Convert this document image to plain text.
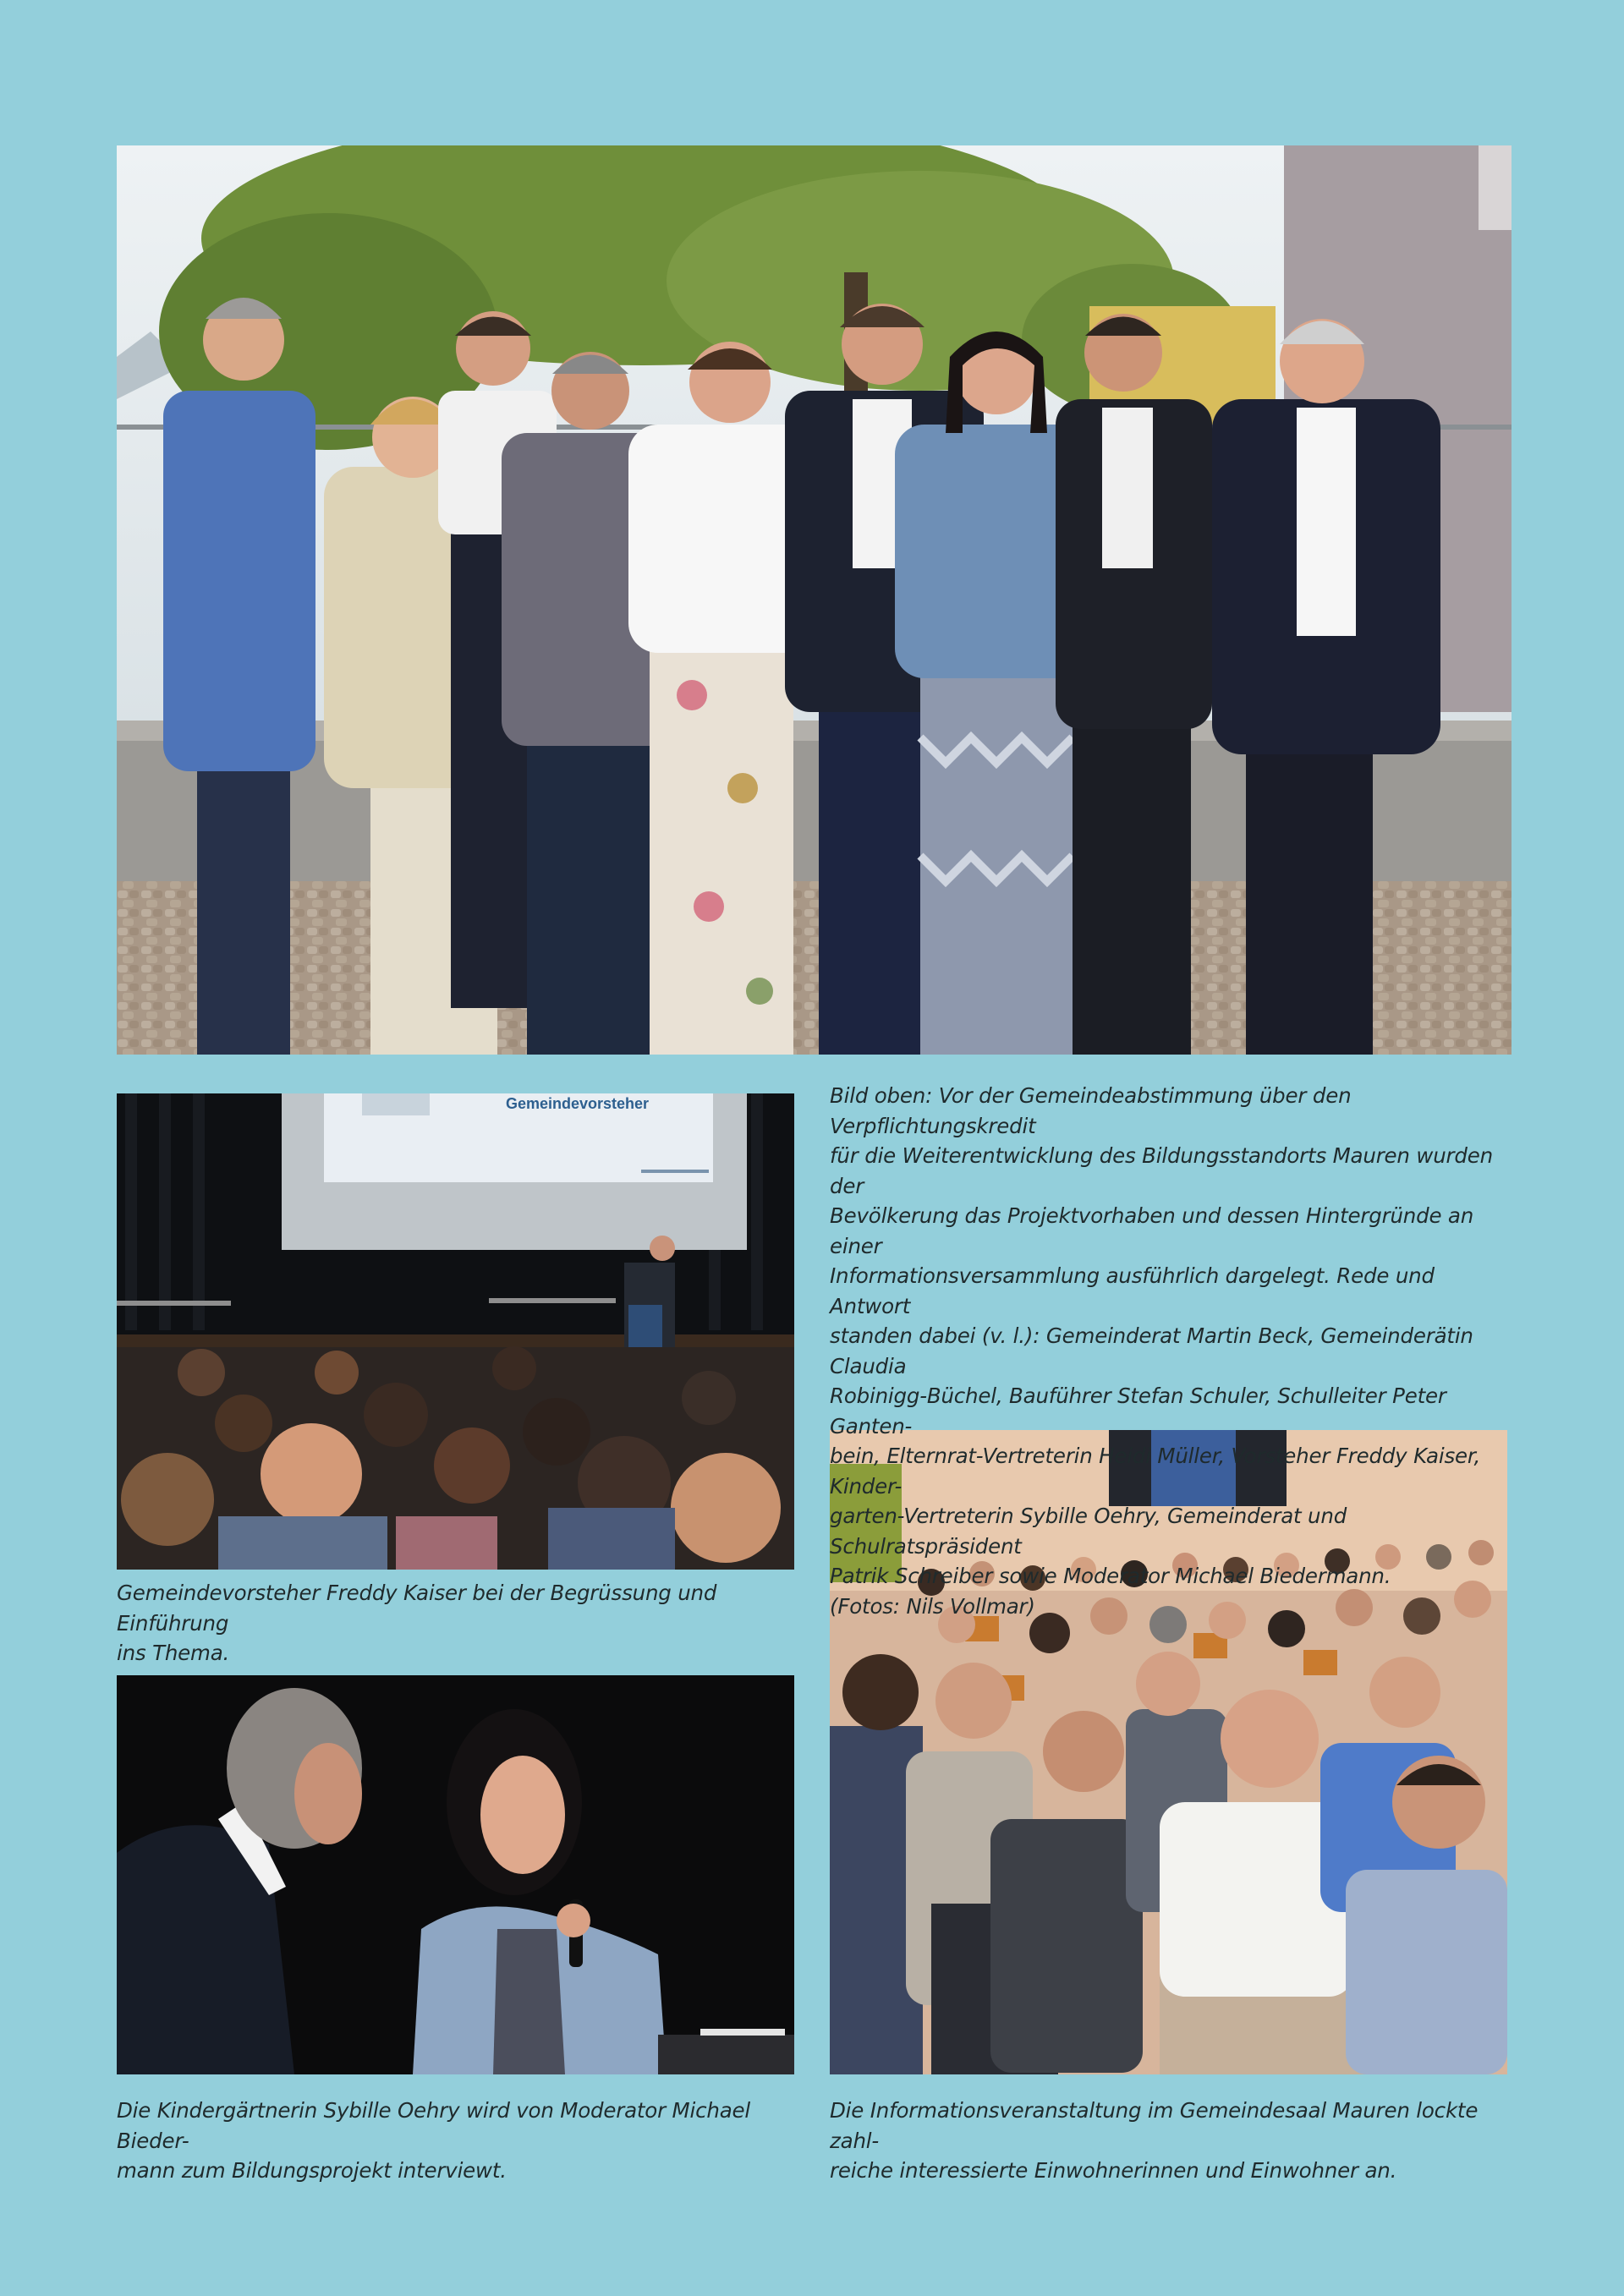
Gemeindevorsteher	Bild oben: Vor der Gemeindeabstimmung über den Verpflichtungskredit

für die Weiterentwicklung des Bildungsstandorts Mauren wurden der

Bevölkerung das Projektvorhaben und dessen Hintergründe an einer

Informationsversammlung ausführlich dargelegt. Rede und Antwort

standen dabei (v. l.): Gemeinderat Martin Beck, Gemeinderätin Claudia

Robinigg-Büchel, Bauführer Stefan Schuler, Schulleiter Peter Ganten-

bein, Elternrat-Vertreterin Heidi Müller, Vorsteher Freddy Kaiser, Kinder-

garten-Vertreterin Sybille Oehry, Gemeinderat und Schulratspräsident

Patrik Schreiber sowie Moderator Michael Biedermann.

(Fotos: Nils Vollmar)

Gemeindevorsteher Freddy Kaiser bei der Begrüssung und Einführung

ins Thema.

Die Kindergärtnerin Sybille Oehry wird von Moderator Michael Bieder-

mann zum Bildungsprojekt interviewt.

Die Informationsveranstaltung im Gemeindesaal Mauren lockte zahl-

reiche interessierte Einwohnerinnen und Einwohner an.
